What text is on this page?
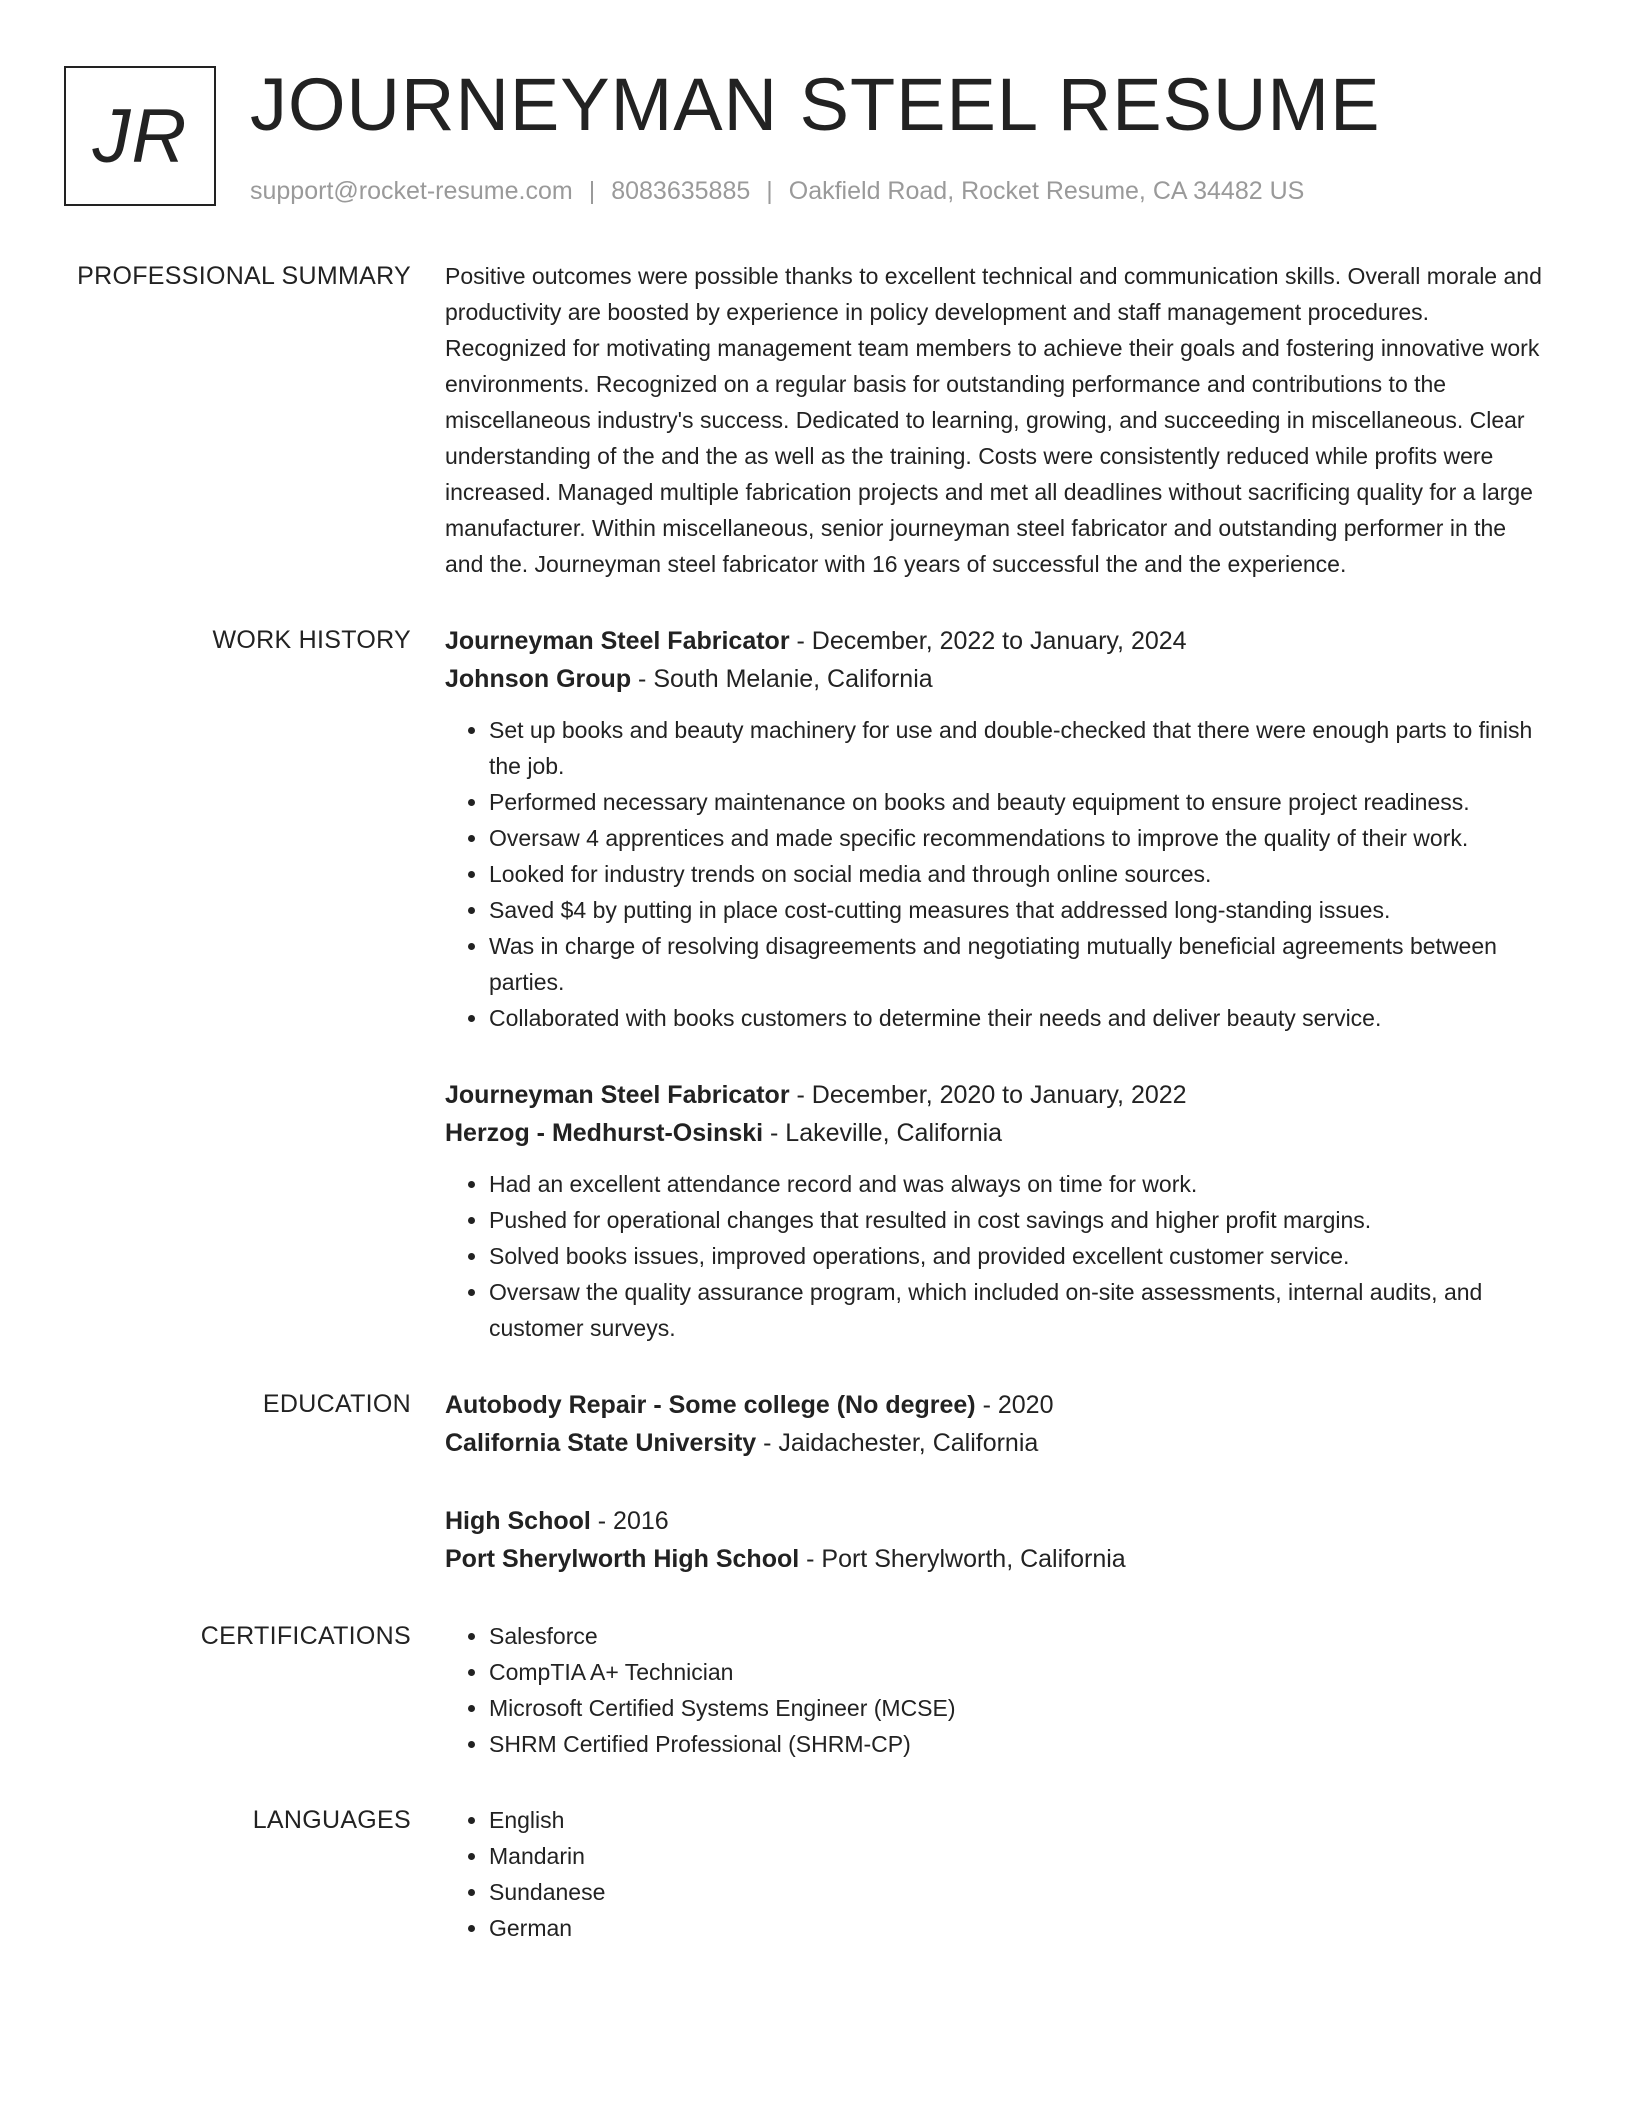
JR JOURNEYMAN STEEL RESUME
support@rocket-resume.com | 8083635885 | Oakfield Road, Rocket Resume, CA 34482 US
PROFESSIONAL SUMMARY Positive outcomes were possible thanks to excellent technical and communication skills. Overall morale and productivity are boosted by experience in policy development and staff management procedures. Recognized for motivating management team members to achieve their goals and fostering innovative work environments. Recognized on a regular basis for outstanding performance and contributions to the miscellaneous industry's success. Dedicated to learning, growing, and succeeding in miscellaneous. Clear understanding of the and the as well as the training. Costs were consistently reduced while profits were increased. Managed multiple fabrication projects and met all deadlines without sacrificing quality for a large manufacturer. Within miscellaneous, senior journeyman steel fabricator and outstanding performer in the and the. Journeyman steel fabricator with 16 years of successful the and the experience.

WORK HISTORY Journeyman Steel Fabricator - December, 2022 to January, 2024

Johnson Group - South Melanie, California

• Set up books and beauty machinery for use and double-checked that there were enough parts to finish the job.
• Performed necessary maintenance on books and beauty equipment to ensure project readiness.
• Oversaw 4 apprentices and made specific recommendations to improve the quality of their work.
• Looked for industry trends on social media and through online sources.
• Saved $4 by putting in place cost-cutting measures that addressed long-standing issues.
• Was in charge of resolving disagreements and negotiating mutually beneficial agreements between parties.
• Collaborated with books customers to determine their needs and deliver beauty service.

Journeyman Steel Fabricator - December, 2020 to January, 2022

Herzog - Medhurst-Osinski - Lakeville, California

• Had an excellent attendance record and was always on time for work.
• Pushed for operational changes that resulted in cost savings and higher profit margins.
• Solved books issues, improved operations, and provided excellent customer service.
• Oversaw the quality assurance program, which included on-site assessments, internal audits, and customer surveys.
EDUCATION Autobody Repair - Some college (No degree) - 2020

California State University - Jaidachester, California

High School - 2016

Port Sherylworth High School - Port Sherylworth, California

CERTIFICATIONS	• Salesforce
• CompTIA A+ Technician
• Microsoft Certified Systems Engineer (MCSE)
• SHRM Certified Professional (SHRM-CP)
LANGUAGES	• English
• Mandarin
• Sundanese
• German
